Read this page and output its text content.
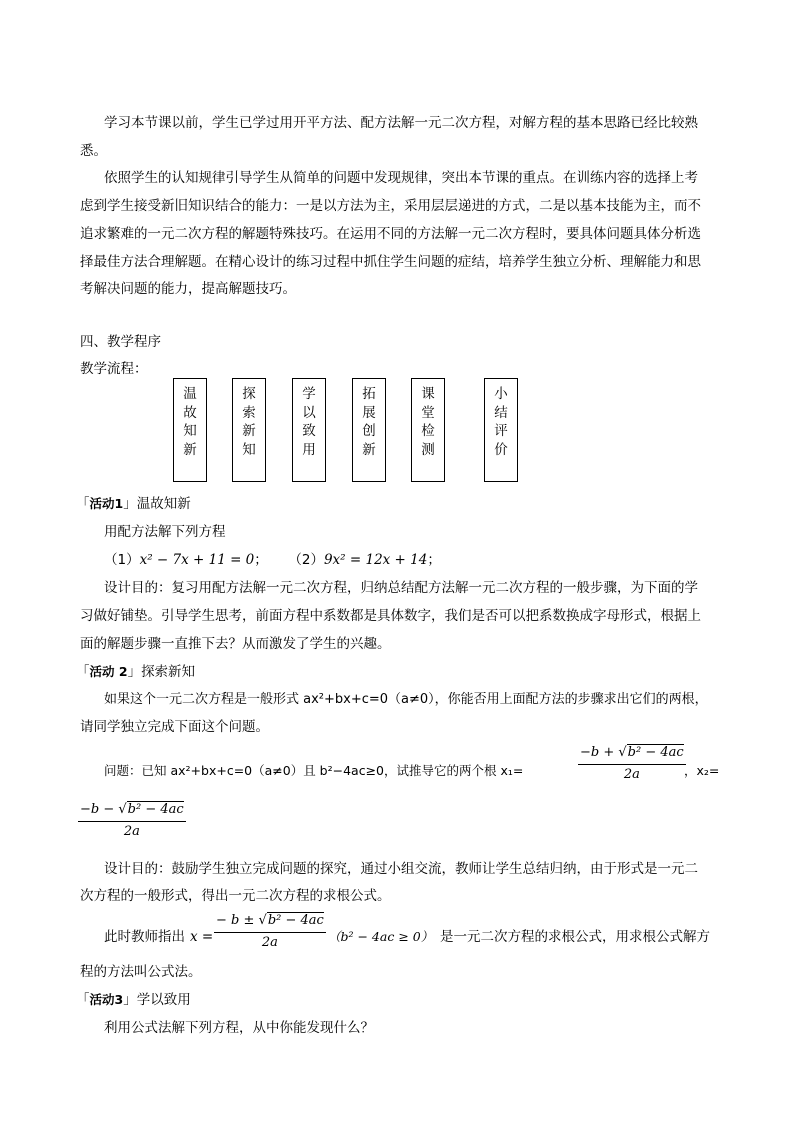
学习本节课以前，学生已学过用开平方法、配方法解一元二次方程，对解方程的基本思路已经比较熟
悉。
依照学生的认知规律引导学生从简单的问题中发现规律，突出本节课的重点。在训练内容的选择上考
虑到学生接受新旧知识结合的能力：一是以方法为主，采用层层递进的方式，二是以基本技能为主，而不
追求繁难的一元二次方程的解题特殊技巧。在运用不同的方法解一元二次方程时，要具体问题具体分析选
择最佳方法合理解题。在精心设计的练习过程中抓住学生问题的症结，培养学生独立分析、理解能力和思
考解决问题的能力，提高解题技巧。
四、教学程序
教学流程：
温
故
知
新
探
索
新
知
学
以
致
用
拓
展
创
新
课
堂
检
测
小
结
评
价
「活动1」温故知新
用配方法解下列方程
（1）x² − 7x + 11 = 0； （2）9x² = 12x + 14；
设计目的：复习用配方法解一元二次方程，归纳总结配方法解一元二次方程的一般步骤，为下面的学
习做好铺垫。引导学生思考，前面方程中系数都是具体数字，我们是否可以把系数换成字母形式，根据上
面的解题步骤一直推下去？从而激发了学生的兴趣。
「活动 2」探索新知
如果这个一元二次方程是一般形式 ax²+bx+c=0（a≠0），你能否用上面配方法的步骤求出它们的两根，
请同学独立完成下面这个问题。
问题：已知 ax²+bx+c=0（a≠0）且 b²−4ac≥0，试推导它的两个根 x₁=	$\frac{\text{−b + √b² − 4ac}}{2a}$
，x₂=
$\frac{\text{−b − √b² − 4ac}}{2a}$
设计目的：鼓励学生独立完成问题的探究，通过小组交流，教师让学生总结归纳，由于形式是一元二
次方程的一般形式，得出一元二次方程的求根公式。
此时教师指出 $x = \frac{\text{− b ± √b² − 4ac}}{2a} (b^2 - 4ac \ge 0)$ 是一元二次方程的求根公式，用求根公式解方
程的方法叫公式法。
「活动3」学以致用
利用公式法解下列方程，从中你能发现什么？
